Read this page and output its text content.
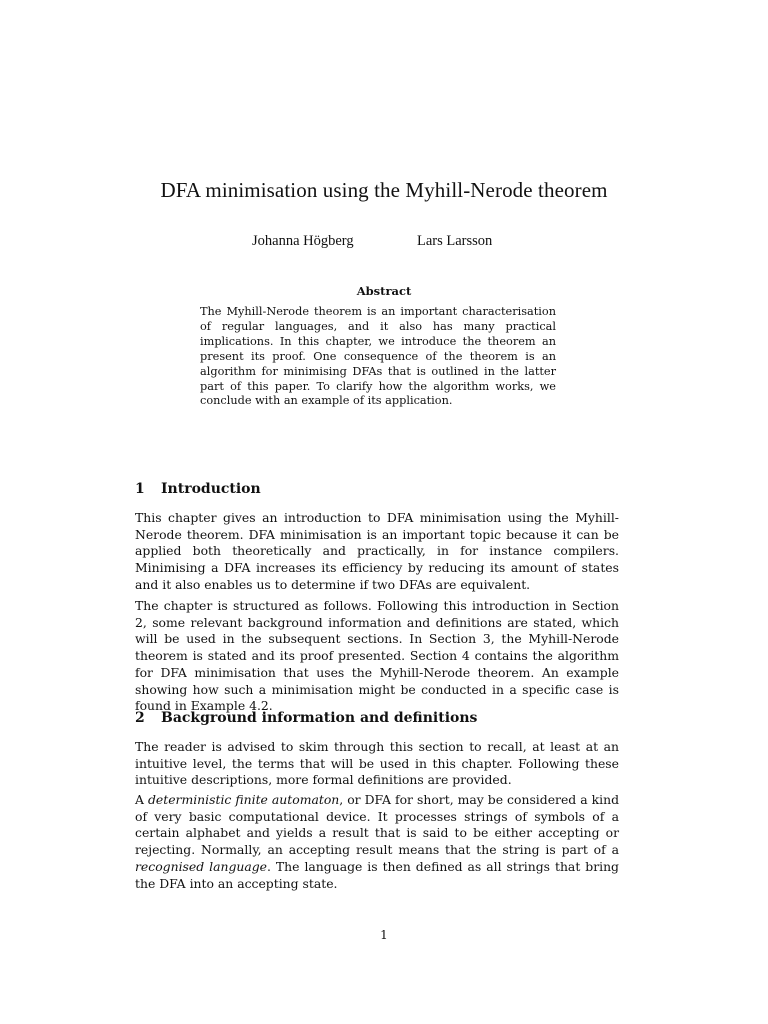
DFA minimisation using the Myhill-Nerode theorem
Johanna Högberg	Lars Larsson
Abstract
The Myhill-Nerode theorem is an important characterisation of regular languages, and it also has many practical implications. In this chapter, we introduce the theorem an present its proof. One consequence of the theorem is an algorithm for minimising DFAs that is outlined in the latter part of this paper. To clarify how the algorithm works, we conclude with an example of its application.
1 Introduction

This chapter gives an introduction to DFA minimisation using the Myhill-Nerode theorem. DFA minimisation is an important topic because it can be applied both theoretically and practically, in for instance compilers. Minimising a DFA increases its efficiency by reducing its amount of states and it also enables us to determine if two DFAs are equivalent.

The chapter is structured as follows. Following this introduction in Section 2, some relevant background information and definitions are stated, which will be used in the subsequent sections. In Section 3, the Myhill-Nerode theorem is stated and its proof presented. Section 4 contains the algorithm for DFA minimisation that uses the Myhill-Nerode theorem. An example showing how such a minimisation might be conducted in a specific case is found in Example 4.2.

2 Background information and definitions

The reader is advised to skim through this section to recall, at least at an intuitive level, the terms that will be used in this chapter. Following these intuitive descriptions, more formal definitions are provided.

A deterministic finite automaton, or DFA for short, may be considered a kind of very basic computational device. It processes strings of symbols of a certain alphabet and yields a result that is said to be either accepting or rejecting. Normally, an accepting result means that the string is part of a recognised language. The language is then defined as all strings that bring the DFA into an accepting state.

1
